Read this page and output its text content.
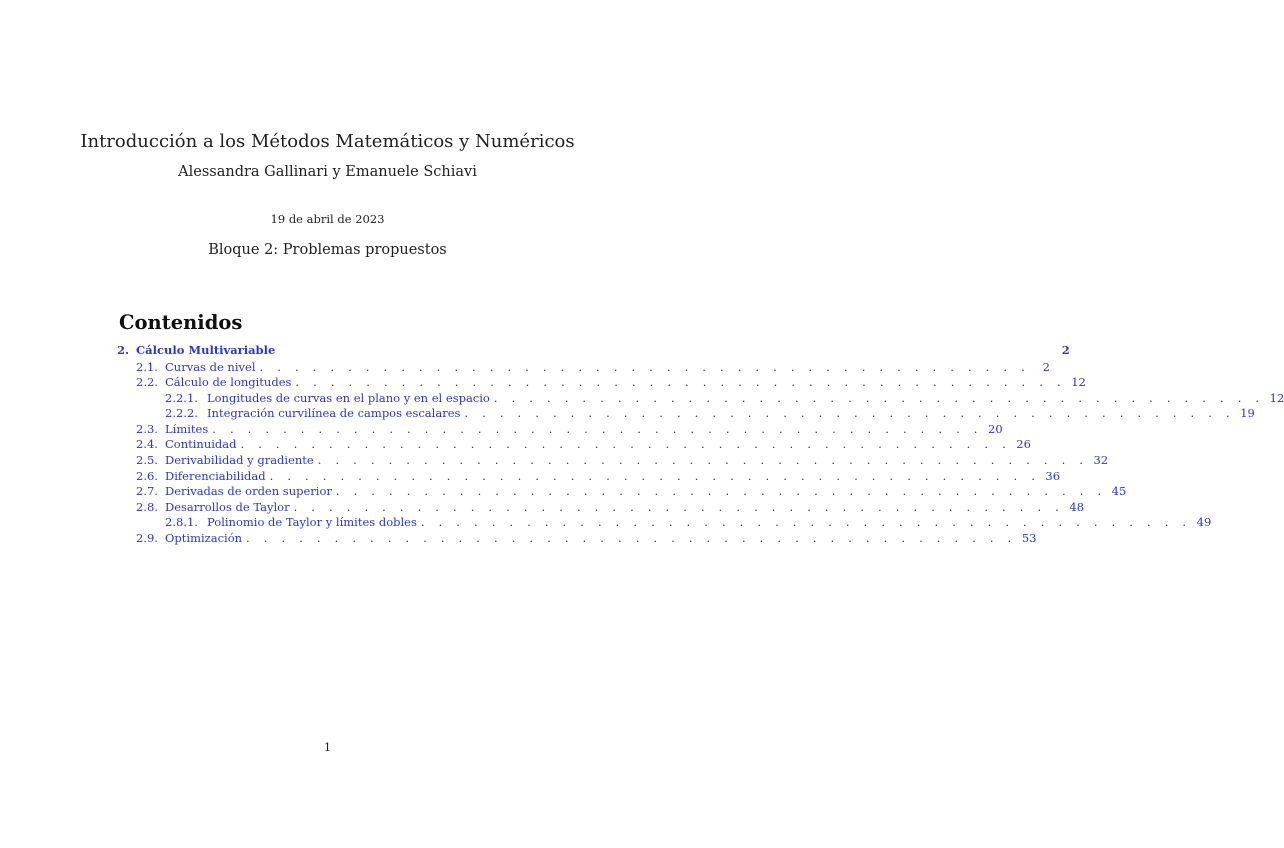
Introducción a los Métodos Matemáticos y Numéricos
Alessandra Gallinari y Emanuele Schiavi
19 de abril de 2023
Bloque 2: Problemas propuestos
Contenidos
2. Cálculo Multivariable	2
2.1. Curvas de nivel . . . . . . . . . . . . . . . . . . . . . . . . . . . . . . . . . . . . . . . . . . . .	2
2.2. Cálculo de longitudes . . . . . . . . . . . . . . . . . . . . . . . . . . . . . . . . . . . . . . . . . . . . 12
2.2.1. Longitudes de curvas en el plano y en el espacio . . . . . . . . . . . . . . . . . . . . . . . . . . . . . . . . . . . . . . . . . . . . 12
2.2.2. Integración curvilínea de campos escalares . . . . . . . . . . . . . . . . . . . . . . . . . . . . . . . . . . . . . . . . . . . . 19
2.3. Límites . . . . . . . . . . . . . . . . . . . . . . . . . . . . . . . . . . . . . . . . . . . . 20
2.4. Continuidad . . . . . . . . . . . . . . . . . . . . . . . . . . . . . . . . . . . . . . . . . . . . 26
2.5. Derivabilidad y gradiente . . . . . . . . . . . . . . . . . . . . . . . . . . . . . . . . . . . . . . . . . . . . 32
2.6. Diferenciabilidad . . . . . . . . . . . . . . . . . . . . . . . . . . . . . . . . . . . . . . . . . . . . 36
2.7. Derivadas de orden superior . . . . . . . . . . . . . . . . . . . . . . . . . . . . . . . . . . . . . . . . . . . . 45
2.8. Desarrollos de Taylor . . . . . . . . . . . . . . . . . . . . . . . . . . . . . . . . . . . . . . . . . . . . 48
2.8.1. Polinomio de Taylor y límites dobles . . . . . . . . . . . . . . . . . . . . . . . . . . . . . . . . . . . . . . . . . . . . 49
2.9. Optimización . . . . . . . . . . . . . . . . . . . . . . . . . . . . . . . . . . . . . . . . . . . . 53
1
